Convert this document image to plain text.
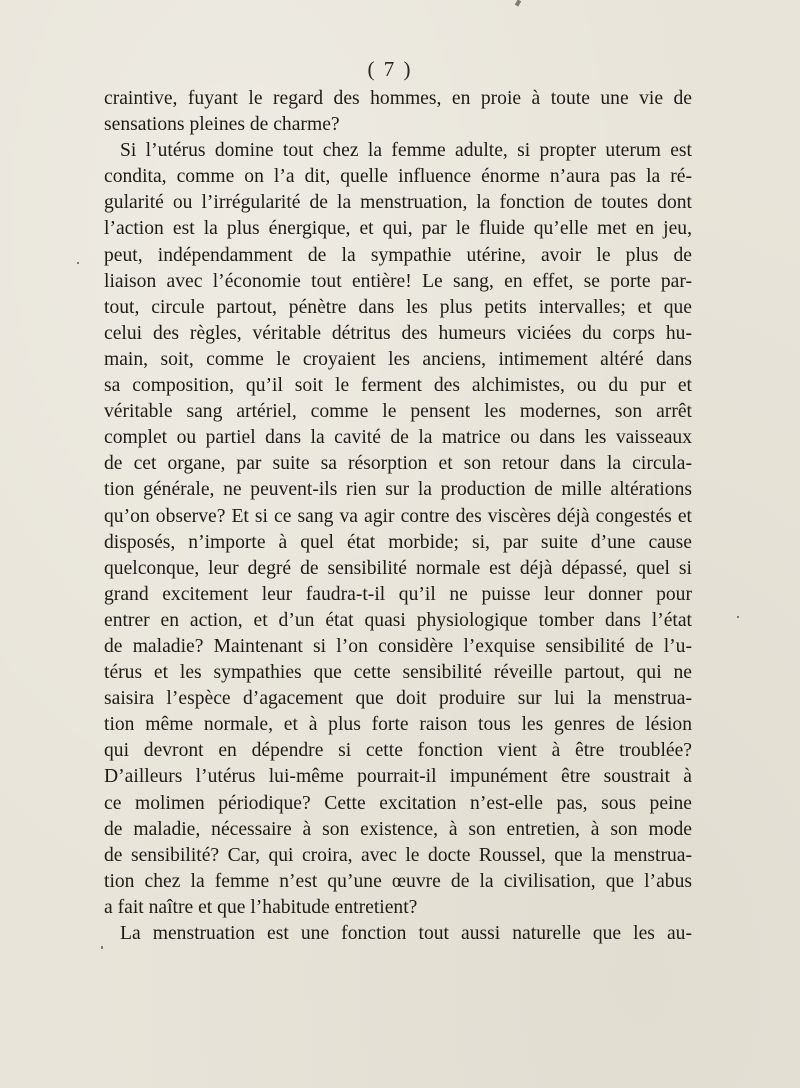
( 7 )
craintive, fuyant le regard des hommes, en proie à toute une vie de
sensations pleines de charme?
Si l’utérus domine tout chez la femme adulte, si propter uterum est
condita, comme on l’a dit, quelle influence énorme n’aura pas la ré-
gularité ou l’irrégularité de la menstruation, la fonction de toutes dont
l’action est la plus énergique, et qui, par le fluide qu’elle met en jeu,
peut, indépendamment de la sympathie utérine, avoir le plus de
liaison avec l’économie tout entière! Le sang, en effet, se porte par-
tout, circule partout, pénètre dans les plus petits intervalles; et que
celui des règles, véritable détritus des humeurs viciées du corps hu-
main, soit, comme le croyaient les anciens, intimement altéré dans
sa composition, qu’il soit le ferment des alchimistes, ou du pur et
véritable sang artériel, comme le pensent les modernes, son arrêt
complet ou partiel dans la cavité de la matrice ou dans les vaisseaux
de cet organe, par suite sa résorption et son retour dans la circula-
tion générale, ne peuvent-ils rien sur la production de mille altérations
qu’on observe? Et si ce sang va agir contre des viscères déjà congestés et
disposés, n’importe à quel état morbide; si, par suite d’une cause
quelconque, leur degré de sensibilité normale est déjà dépassé, quel si
grand excitement leur faudra-t-il qu’il ne puisse leur donner pour
entrer en action, et d’un état quasi physiologique tomber dans l’état
de maladie? Maintenant si l’on considère l’exquise sensibilité de l’u-
térus et les sympathies que cette sensibilité réveille partout, qui ne
saisira l’espèce d’agacement que doit produire sur lui la menstrua-
tion même normale, et à plus forte raison tous les genres de lésion
qui devront en dépendre si cette fonction vient à être troublée?
D’ailleurs l’utérus lui-même pourrait-il impunément être soustrait à
ce molimen périodique? Cette excitation n’est-elle pas, sous peine
de maladie, nécessaire à son existence, à son entretien, à son mode
de sensibilité? Car, qui croira, avec le docte Roussel, que la menstrua-
tion chez la femme n’est qu’une œuvre de la civilisation, que l’abus
a fait naître et que l’habitude entretient?
La menstruation est une fonction tout aussi naturelle que les au-
